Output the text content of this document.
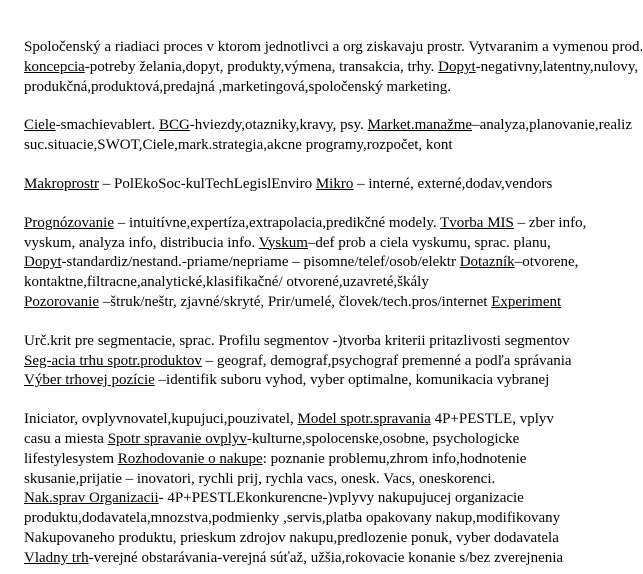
Spoločenský a riadiaci proces v ktorom jednotlivci a org ziskavaju prostr. Vytvaranim a vymenou prod.
koncepcia-potreby želania,dopyt, produkty,výmena, transakcia, trhy. Dopyt-negativny,latentny,nulovy,
produkčná,produktová,predajná ,marketingová,spoločenský marketing.
Ciele-smachievablert. BCG-hviezdy,otazniky,kravy, psy. Market.manažme–analyza,planovanie,realiz
suc.situacie,SWOT,Ciele,mark.strategia,akcne programy,rozpočet, kont
Makroprostr – PolEkoSoc-kulTechLegislEnviro Mikro – interné, externé,dodav,vendors
Prognózovanie – intuitívne,expertíza,extrapolacia,predikčné modely. Tvorba MIS – zber info,
vyskum, analyza info, distribucia info. Vyskum–def prob a ciela vyskumu, sprac. planu,
Dopyt-standardiz/nestand.-priame/nepriame – pisomne/telef/osob/elektr Dotazník–otvorene,
kontaktne,filtracne,analytické,klasifikačné/ otvorené,uzavreté,škály
Pozorovanie –štruk/neštr, zjavné/skryté, Prir/umelé, človek/tech.pros/internet Experiment
Urč.krit pre segmentacie, sprac. Profilu segmentov -)tvorba kriterii pritazlivosti segmentov
Seg-acia trhu spotr.produktov – geograf, demograf,psychograf premenné a podľa správania
Výber trhovej pozície –identifik suboru vyhod, vyber optimalne, komunikacia vybranej
Iniciator, ovplyvnovatel,kupujuci,pouzivatel, Model spotr.spravania 4P+PESTLE, vplyv
casu a miesta Spotr spravanie ovplyv-kulturne,spolocenske,osobne, psychologicke
lifestylesystem Rozhodovanie o nakupe: poznanie problemu,zhrom info,hodnotenie
skusanie,prijatie – inovatori, rychli prij, rychla vacs, onesk. Vacs, oneskorenci.
Nak.sprav Organizacii- 4P+PESTLEkonkurencne-)vplyvy nakupujucej organizacie
produktu,dodavatela,mnozstva,podmienky ,servis,platba opakovany nakup,modifikovany
Nakupovaneho produktu, prieskum zdrojov nakupu,predlozenie ponuk, vyber dodavatela
Vladny trh-verejné obstarávania-verejná súťaž, užšia,rokovacie konanie s/bez zverejnenia
